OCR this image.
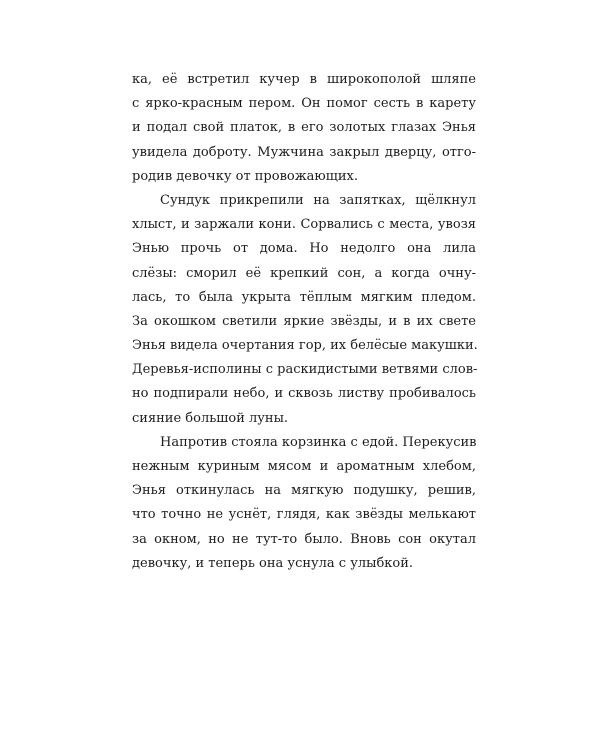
ка, её встретил кучер в широкополой шляпе
с ярко-красным пером. Он помог сесть в карету
и подал свой платок, в его золотых глазах Энья
увидела доброту. Мужчина закрыл дверцу, отго-
родив девочку от провожающих.

Сундук прикрепили на запятках, щёлкнул
хлыст, и заржали кони. Сорвались с места, увозя
Энью прочь от дома. Но недолго она лила
слёзы: сморил её крепкий сон, а когда очну-
лась, то была укрыта тёплым мягким пледом.
За окошком светили яркие звёзды, и в их свете
Энья видела очертания гор, их белёсые макушки.
Деревья-исполины с раскидистыми ветвями слов-
но подпирали небо, и сквозь листву пробивалось
сияние большой луны.

Напротив стояла корзинка с едой. Перекусив
нежным куриным мясом и ароматным хлебом,
Энья откинулась на мягкую подушку, решив,
что точно не уснёт, глядя, как звёзды мелькают
за окном, но не тут-то было. Вновь сон окутал
девочку, и теперь она уснула с улыбкой.
